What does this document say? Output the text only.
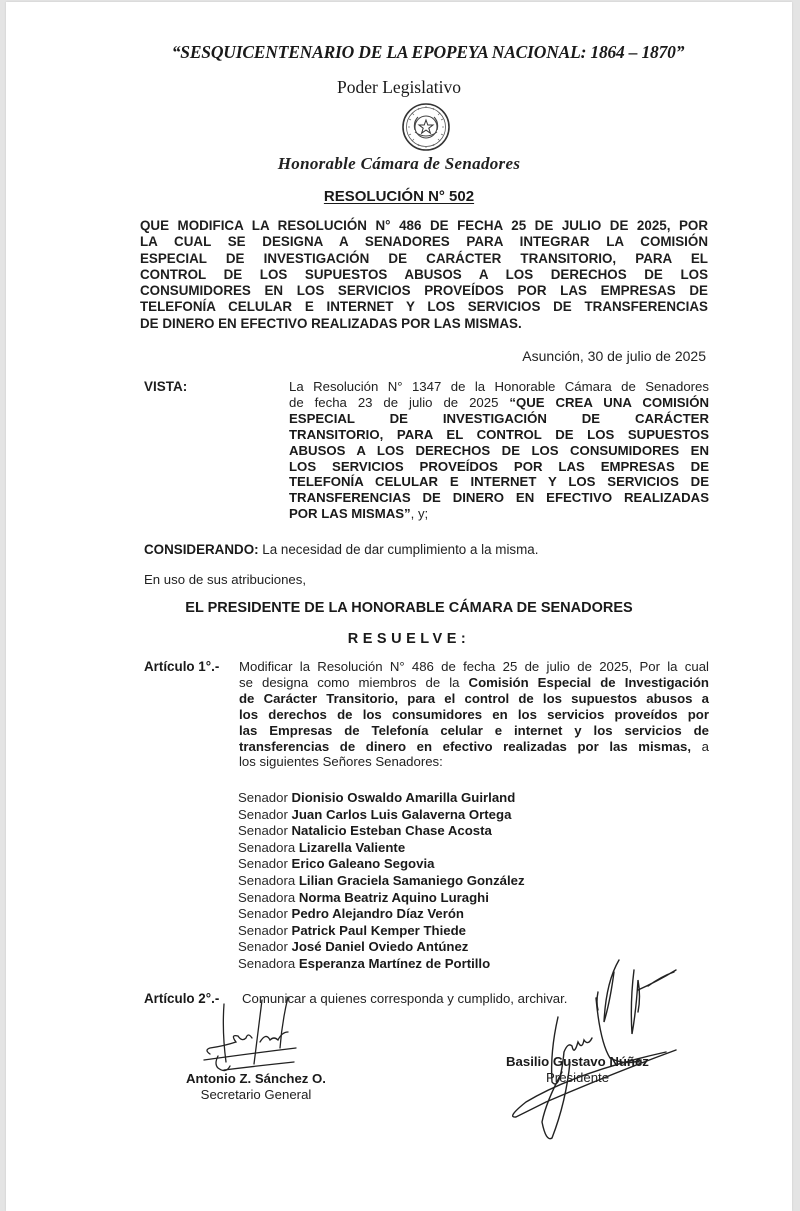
“SESQUICENTENARIO DE LA EPOPEYA NACIONAL: 1864 – 1870”
Poder Legislativo
Honorable Cámara de Senadores
RESOLUCIÓN N° 502
QUE MODIFICA LA RESOLUCIÓN N° 486 DE FECHA 25 DE JULIO DE 2025, POR
LA CUAL SE DESIGNA A SENADORES PARA INTEGRAR LA COMISIÓN
ESPECIAL DE INVESTIGACIÓN DE CARÁCTER TRANSITORIO, PARA EL
CONTROL DE LOS SUPUESTOS ABUSOS A LOS DERECHOS DE LOS
CONSUMIDORES EN LOS SERVICIOS PROVEÍDOS POR LAS EMPRESAS DE
TELEFONÍA CELULAR E INTERNET Y LOS SERVICIOS DE TRANSFERENCIAS
DE DINERO EN EFECTIVO REALIZADAS POR LAS MISMAS.
Asunción, 30 de julio de 2025
VISTA:	La Resolución N° 1347 de la Honorable Cámara de Senadores
de fecha 23 de julio de 2025 “QUE CREA UNA COMISIÓN
ESPECIAL DE INVESTIGACIÓN DE CARÁCTER
TRANSITORIO, PARA EL CONTROL DE LOS SUPUESTOS
ABUSOS A LOS DERECHOS DE LOS CONSUMIDORES EN
LOS SERVICIOS PROVEÍDOS POR LAS EMPRESAS DE
TELEFONÍA CELULAR E INTERNET Y LOS SERVICIOS DE
TRANSFERENCIAS DE DINERO EN EFECTIVO REALIZADAS
POR LAS MISMAS”, y;
CONSIDERANDO: La necesidad de dar cumplimiento a la misma.
En uso de sus atribuciones,
EL PRESIDENTE DE LA HONORABLE CÁMARA DE SENADORES
RESUELVE:
Artículo 1°.- Modificar la Resolución N° 486 de fecha 25 de julio de 2025, Por la cual
se designa como miembros de la Comisión Especial de Investigación
de Carácter Transitorio, para el control de los supuestos abusos a
los derechos de los consumidores en los servicios proveídos por
las Empresas de Telefonía celular e internet y los servicios de
transferencias de dinero en efectivo realizadas por las mismas, a
los siguientes Señores Senadores:
Senador Dionisio Oswaldo Amarilla Guirland
Senador Juan Carlos Luis Galaverna Ortega
Senador Natalicio Esteban Chase Acosta
Senadora Lizarella Valiente
Senador Erico Galeano Segovia
Senadora Lilian Graciela Samaniego González
Senadora Norma Beatriz Aquino Luraghi
Senador Pedro Alejandro Díaz Verón
Senador Patrick Paul Kemper Thiede
Senador José Daniel Oviedo Antúnez
Senadora Esperanza Martínez de Portillo
Artículo 2°.- Comunicar a quienes corresponda y cumplido, archivar.
Antonio Z. Sánchez O.
Secretario General
Basilio Gustavo Núñez
Presidente
